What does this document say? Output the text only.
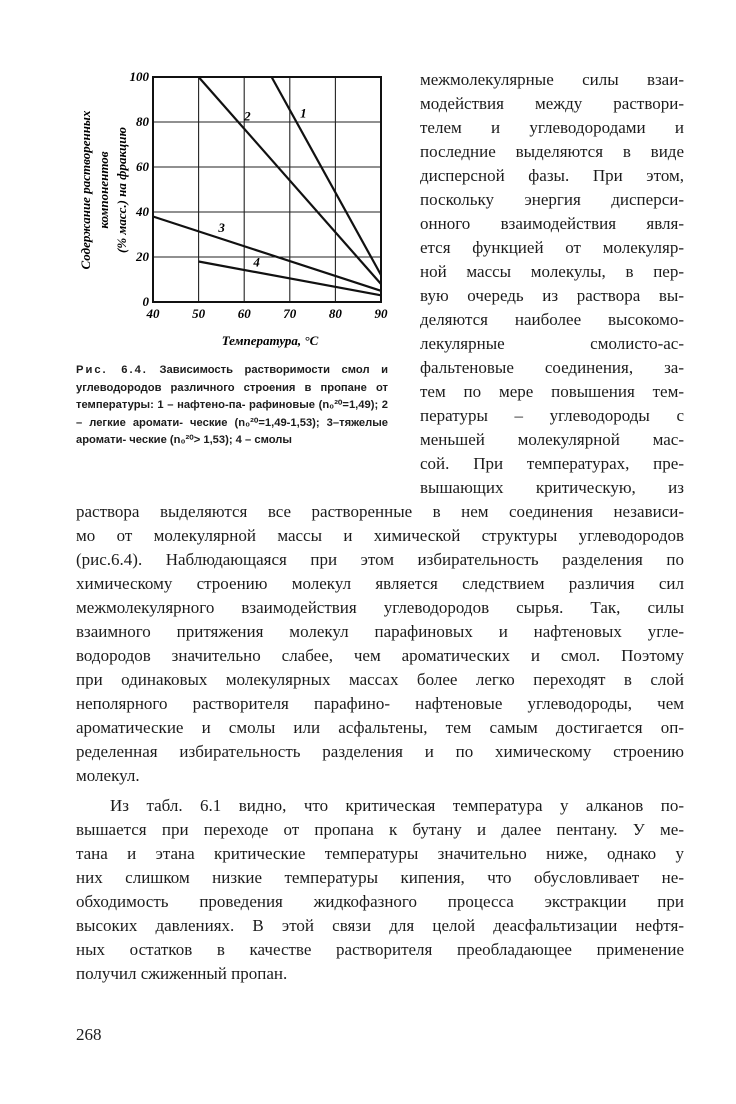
Содержание растворенных компонентов (% масс.) на фракцию
40	50	60	70	80	90
0
20
40
60
80
100
1
2
3
4
Температура, °С

Рис. 6.4. Зависимость растворимости смол и углеводородов различного строения в пропане от температуры: 1 – нафтено-па- рафиновые (n₀²⁰=1,49); 2 – легкие аромати- ческие (n₀²⁰=1,49-1,53); 3–тяжелые аромати- ческие (n₀²⁰> 1,53); 4 – смолы

межмолекулярные силы взаи-

модействия между раствори-

телем и углеводородами и

последние выделяются в виде

дисперсной фазы. При этом,

поскольку энергия дисперси-

онного взаимодействия явля-

ется функцией от молекуляр-

ной массы молекулы, в пер-

вую очередь из раствора вы-

деляются наиболее высокомо-

лекулярные смолисто-ас-

фальтеновые соединения, за-

тем по мере повышения тем-

пературы – углеводороды с

меньшей молекулярной мас-

сой. При температурах, пре-

вышающих критическую, из

раствора выделяются все растворенные в нем соединения независи-

мо от молекулярной массы и химической структуры углеводородов

(рис.6.4). Наблюдающаяся при этом избирательность разделения по

химическому строению молекул является следствием различия сил

межмолекулярного взаимодействия углеводородов сырья. Так, силы

взаимного притяжения молекул парафиновых и нафтеновых угле-

водородов значительно слабее, чем ароматических и смол. Поэтому

при одинаковых молекулярных массах более легко переходят в слой

неполярного растворителя парафино- нафтеновые углеводороды, чем

ароматические и смолы или асфальтены, тем самым достигается оп-

ределенная избирательность разделения и по химическому строению

молекул.

Из табл. 6.1 видно, что критическая температура у алканов по-

вышается при переходе от пропана к бутану и далее пентану. У ме-

тана и этана критические температуры значительно ниже, однако у

них слишком низкие температуры кипения, что обусловливает не-

обходимость проведения жидкофазного процесса экстракции при

высоких давлениях. В этой связи для целой деасфальтизации нефтя-

ных остатков в качестве растворителя преобладающее применение

получил сжиженный пропан.

268
